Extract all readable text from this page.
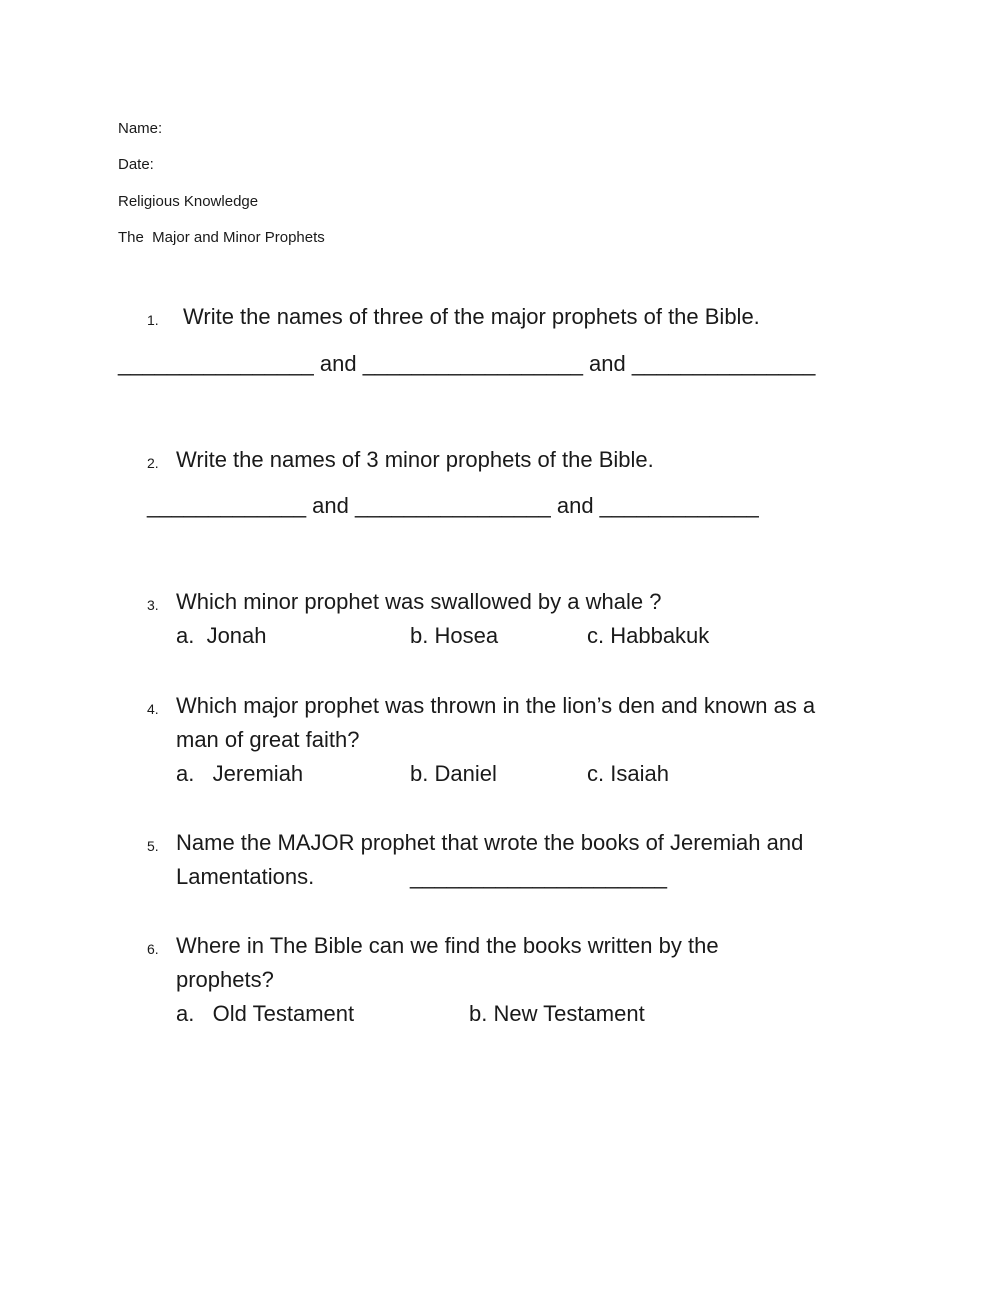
Name:
Date:
Religious Knowledge
The  Major and Minor Prophets
1. Write the names of three of the major prophets of the Bible.
________________ and __________________ and _______________
2. Write the names of 3 minor prophets of the Bible.
_____________ and ________________ and _____________
3. Which minor prophet was swallowed by a whale ?
a.  Jonah	b. Hosea	c. Habbakuk
4. Which major prophet was thrown in the lion’s den and known as a
man of great faith?
a.   Jeremiah	b. Daniel	c. Isaiah
5. Name the MAJOR prophet that wrote the books of Jeremiah and
Lamentations.	_____________________
6. Where in The Bible can we find the books written by the
prophets?
a.   Old Testament	b. New Testament
